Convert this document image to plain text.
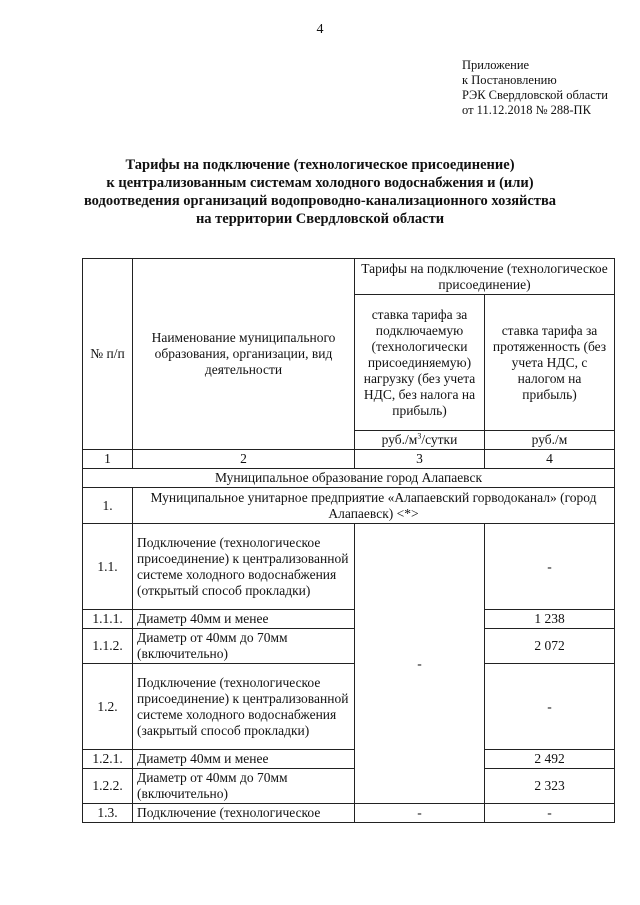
4
Приложение
к Постановлению
РЭК Свердловской области
от 11.12.2018 № 288-ПК
Тарифы на подключение (технологическое присоединение)
к централизованным системам холодного водоснабжения и (или)
водоотведения организаций водопроводно-канализационного хозяйства
на территории Свердловской области
№ п/п	Наименование муниципального образования, организации, вид деятельности	Тарифы на подключение (технологическое присоединение)	
		ставка тарифа за подключаемую (технологически присоединяемую) нагрузку (без учета НДС, без налога на прибыль)	ставка тарифа за протяженность (без учета НДС, с налогом на прибыль)
		$руб./м^3$/сутки	руб./м
1	2	3	4
Муниципальное образование город Алапаевск			
1.	Муниципальное унитарное предприятие «Алапаевский горводоканал» (город Алапаевск) <*>		
1.1.	Подключение (технологическое присоединение) к централизованной системе холодного водоснабжения (открытый способ прокладки)	-	-
1.1.1.	Диаметр 40мм и менее		1 238
1.1.2.	Диаметр от 40мм до 70мм (включительно)		2 072
1.2.	Подключение (технологическое присоединение) к централизованной системе холодного водоснабжения (закрытый способ прокладки)		-
1.2.1.	Диаметр 40мм и менее		2 492
1.2.2.	Диаметр от 40мм до 70мм (включительно)		2 323
1.3.	Подключение (технологическое	-	-
